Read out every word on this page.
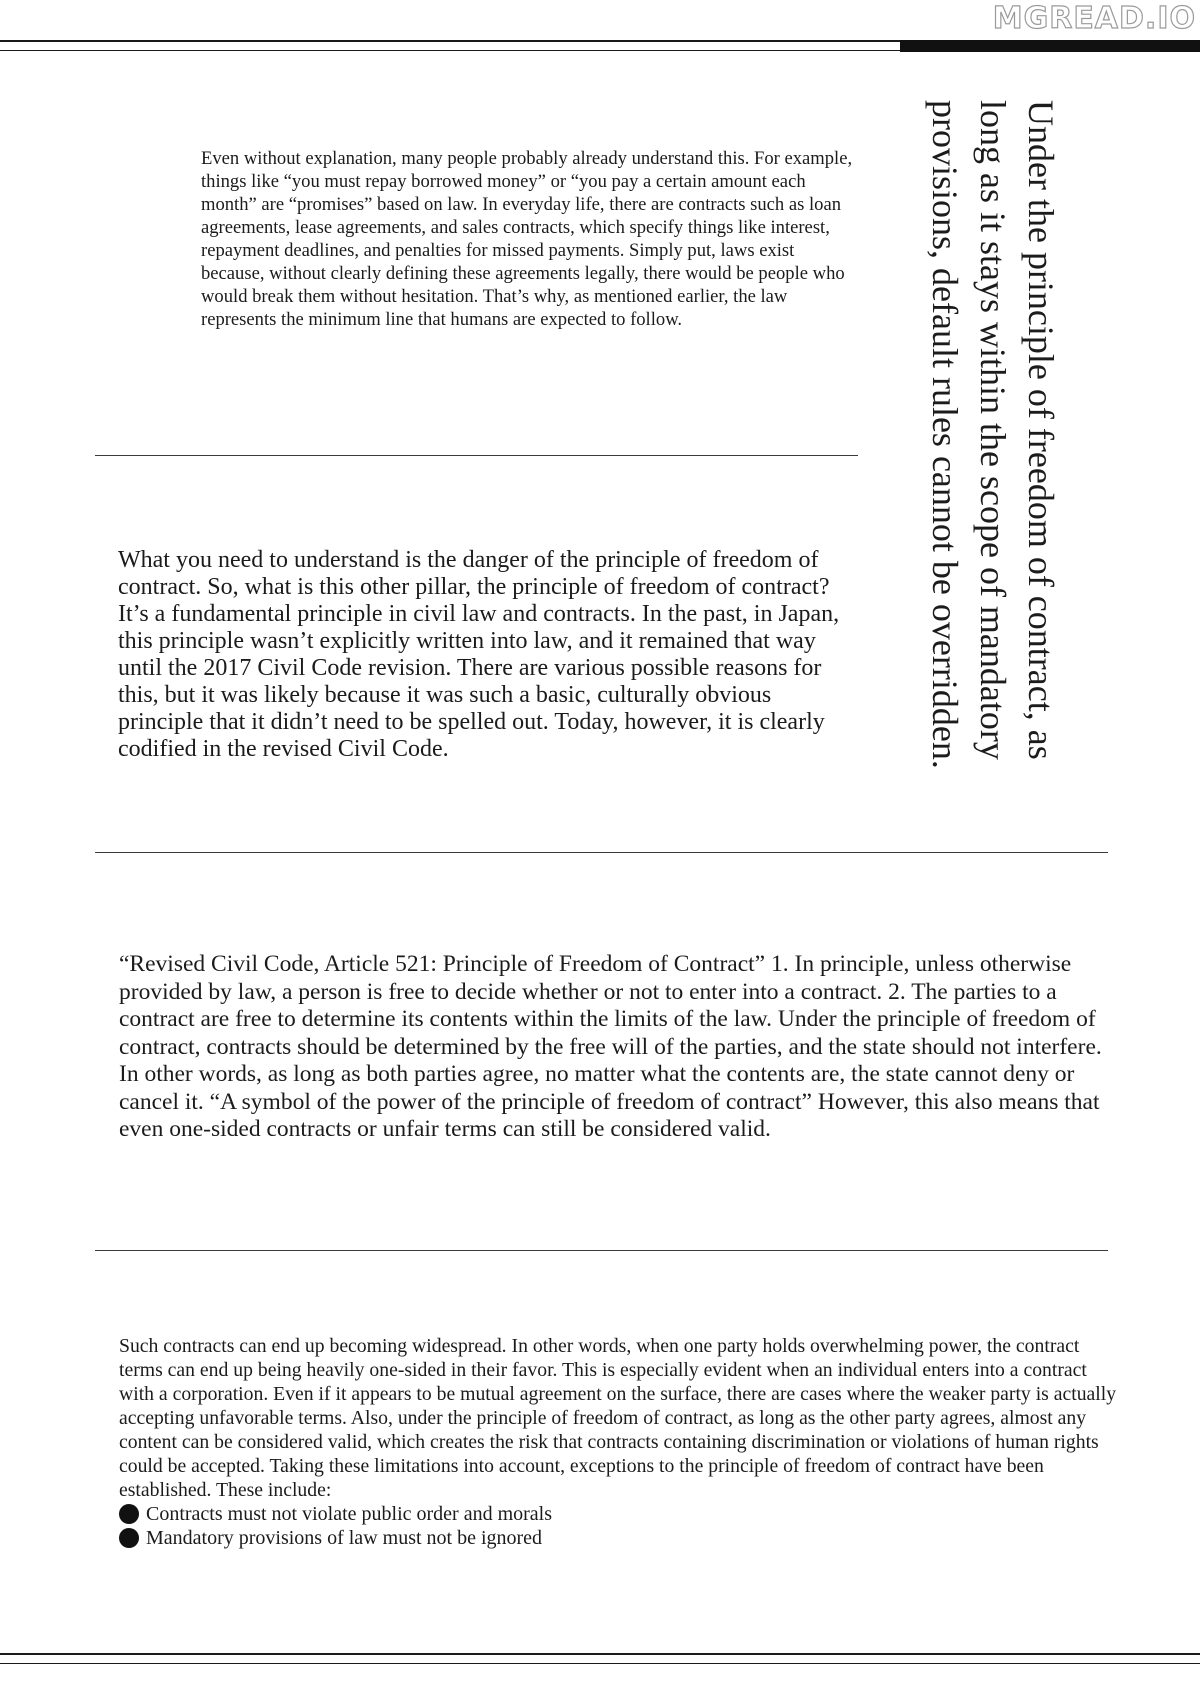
MGREAD.IO

Under the principle of freedom of contract, as long as it stays within the scope of mandatory provisions, default rules cannot be overridden.

Even without explanation, many people probably already understand this. For example, things like “you must repay borrowed money” or “you pay a certain amount each month” are “promises” based on law. In everyday life, there are contracts such as loan agreements, lease agreements, and sales contracts, which specify things like interest, repayment deadlines, and penalties for missed payments. Simply put, laws exist because, without clearly defining these agreements legally, there would be people who would break them without hesitation. That’s why, as mentioned earlier, the law represents the minimum line that humans are expected to follow.

What you need to understand is the danger of the principle of freedom of contract. So, what is this other pillar, the principle of freedom of contract? It’s a fundamental principle in civil law and contracts. In the past, in Japan, this principle wasn’t explicitly written into law, and it remained that way until the 2017 Civil Code revision. There are various possible reasons for this, but it was likely because it was such a basic, culturally obvious principle that it didn’t need to be spelled out. Today, however, it is clearly codified in the revised Civil Code.

“Revised Civil Code, Article 521: Principle of Freedom of Contract” 1. In principle, unless otherwise provided by law, a person is free to decide whether or not to enter into a contract. 2. The parties to a contract are free to determine its contents within the limits of the law. Under the principle of freedom of contract, contracts should be determined by the free will of the parties, and the state should not interfere. In other words, as long as both parties agree, no matter what the contents are, the state cannot deny or cancel it. “A symbol of the power of the principle of freedom of contract” However, this also means that even one-sided contracts or unfair terms can still be considered valid.

Such contracts can end up becoming widespread. In other words, when one party holds overwhelming power, the contract terms can end up being heavily one-sided in their favor. This is especially evident when an individual enters into a contract with a corporation. Even if it appears to be mutual agreement on the surface, there are cases where the weaker party is actually accepting unfavorable terms. Also, under the principle of freedom of contract, as long as the other party agrees, almost any content can be considered valid, which creates the risk that contracts containing discrimination or violations of human rights could be accepted. Taking these limitations into account, exceptions to the principle of freedom of contract have been established. These include:

Contracts must not violate public order and morals
Mandatory provisions of law must not be ignored
